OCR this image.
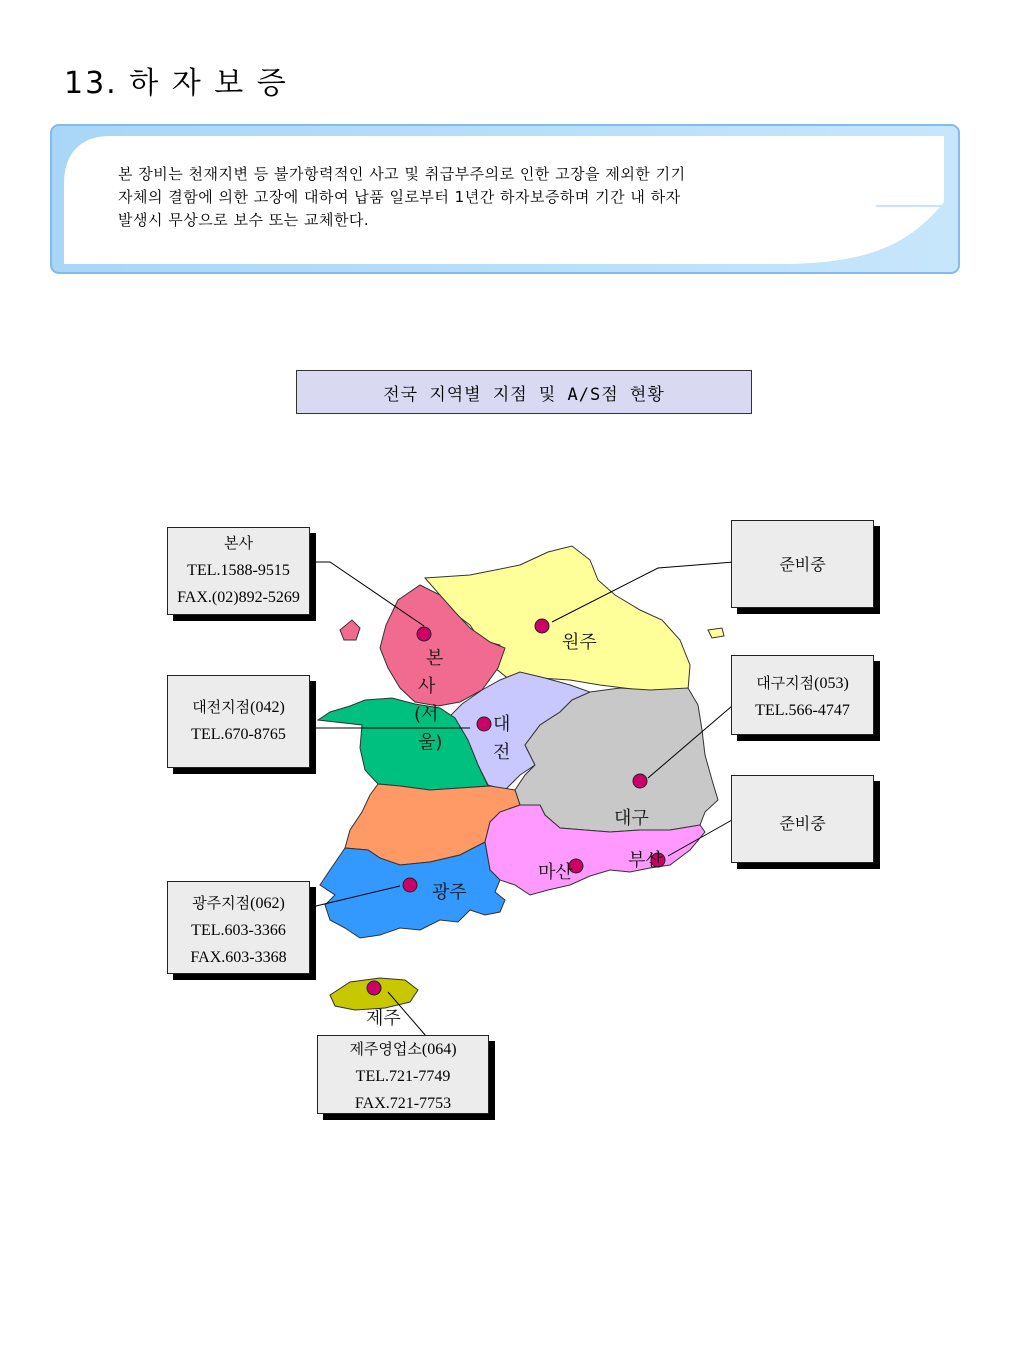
13. 하 자 보 증

본 장비는 천재지변 등 불가항력적인 사고 및 취급부주의로 인한 고장을 제외한 기기
자체의 결함에 의한 고장에 대하여 납품 일로부터 1년간 하자보증하며 기간 내 하자
발생시 무상으로 보수 또는 교체한다.

전국 지역별 지점 및 A/S점 현황
본
사
(서
울)
원주
대
전
대구
마산
부산
광주
제주
본사
TEL.1588-9515
FAX.(02)892-5269
준비중
대전지점(042)
TEL.670-8765
대구지점(053)
TEL.566-4747
준비중
광주지점(062)
TEL.603-3366
FAX.603-3368
제주영업소(064)
TEL.721-7749
FAX.721-7753
